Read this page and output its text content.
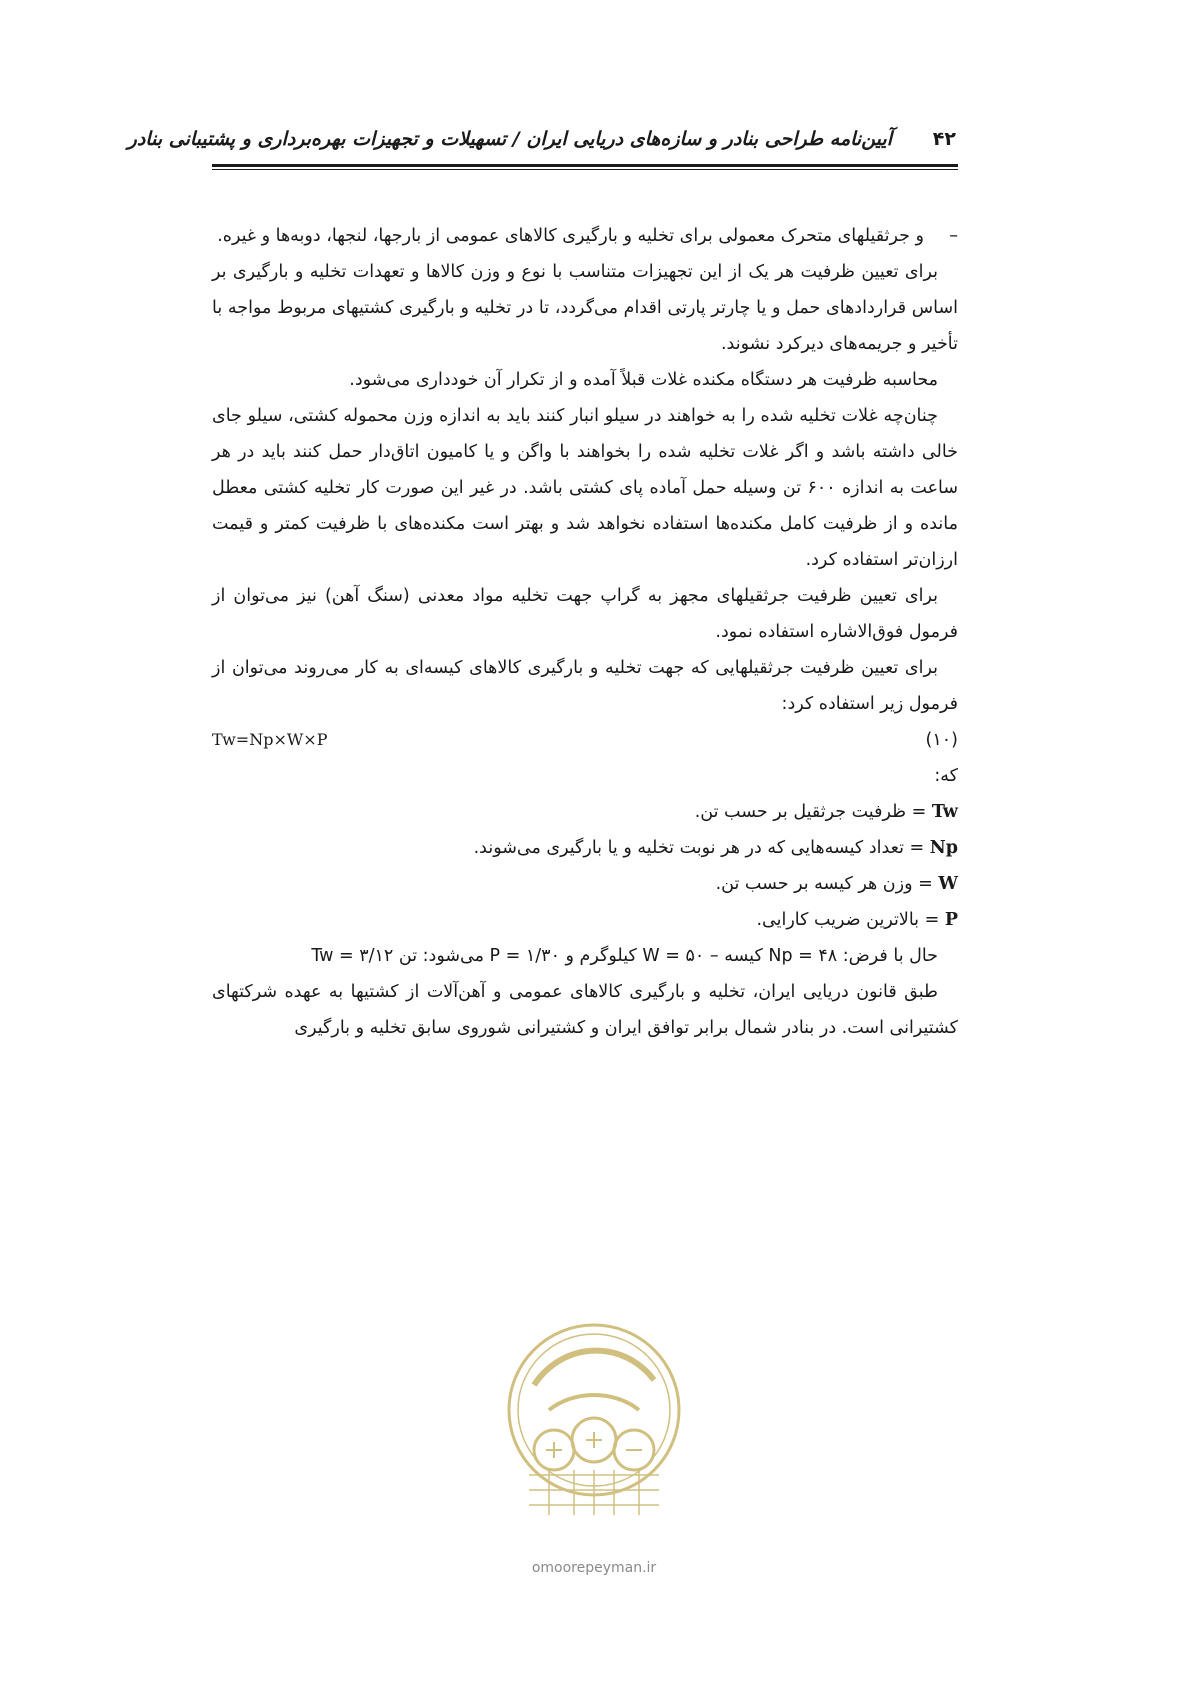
۴۲
آیین‌نامه طراحی بنادر و سازه‌های دریایی ایران / تسهیلات و تجهیزات بهره‌برداری و پشتیبانی بنادر

–
و جرثقیلهای متحرک معمولی برای تخلیه و بارگیری کالاهای عمومی از بارجها، لنجها، دوبه‌ها و غیره.

برای تعیین ظرفیت هر یک از این تجهیزات متناسب با نوع و وزن کالاها و تعهدات تخلیه و بارگیری بر اساس قراردادهای حمل و یا چارتر پارتی اقدام می‌گردد، تا در تخلیه و بارگیری کشتیهای مربوط مواجه با تأخیر و جریمه‌های دیرکرد نشوند.

محاسبه ظرفیت هر دستگاه مکنده غلات قبلاً آمده و از تکرار آن خودداری می‌شود.

چنان‌چه غلات تخلیه شده را به خواهند در سیلو انبار کنند باید به اندازه وزن محموله کشتی، سیلو جای خالی داشته باشد و اگر غلات تخلیه شده را بخواهند با واگن و یا کامیون اتاق‌دار حمل کنند باید در هر ساعت به اندازه ۶۰۰ تن وسیله حمل آماده پای کشتی باشد. در غیر این صورت کار تخلیه کشتی معطل مانده و از ظرفیت کامل مکنده‌ها استفاده نخواهد شد و بهتر است مکنده‌های با ظرفیت کمتر و قیمت ارزان‌تر استفاده کرد.

برای تعیین ظرفیت جرثقیلهای مجهز به گراپ جهت تخلیه مواد معدنی (سنگ آهن) نیز می‌توان از فرمول فوق‌الاشاره استفاده نمود.

برای تعیین ظرفیت جرثقیلهایی که جهت تخلیه و بارگیری کالاهای کیسه‌ای به کار می‌روند می‌توان از فرمول زیر استفاده کرد:

(۱۰)
Tw=Np×W×P

که:

Tw = ظرفیت جرثقیل بر حسب تن.

Np = تعداد کیسه‌هایی که در هر نوبت تخلیه و یا بارگیری می‌شوند.

W = وزن هر کیسه بر حسب تن.

P = بالاترین ضریب کارایی.

حال با فرض: Np = ۴۸ کیسه – W = ۵۰ کیلوگرم و P = ۱/۳۰ می‌شود: تن Tw = ۳/۱۲

طبق قانون دریایی ایران، تخلیه و بارگیری کالاهای عمومی و آهن‌آلات از کشتیها به عهده شرکتهای کشتیرانی است. در بنادر شمال برابر توافق ایران و کشتیرانی شوروی سابق تخلیه و بارگیری

omoorepeyman.ir
